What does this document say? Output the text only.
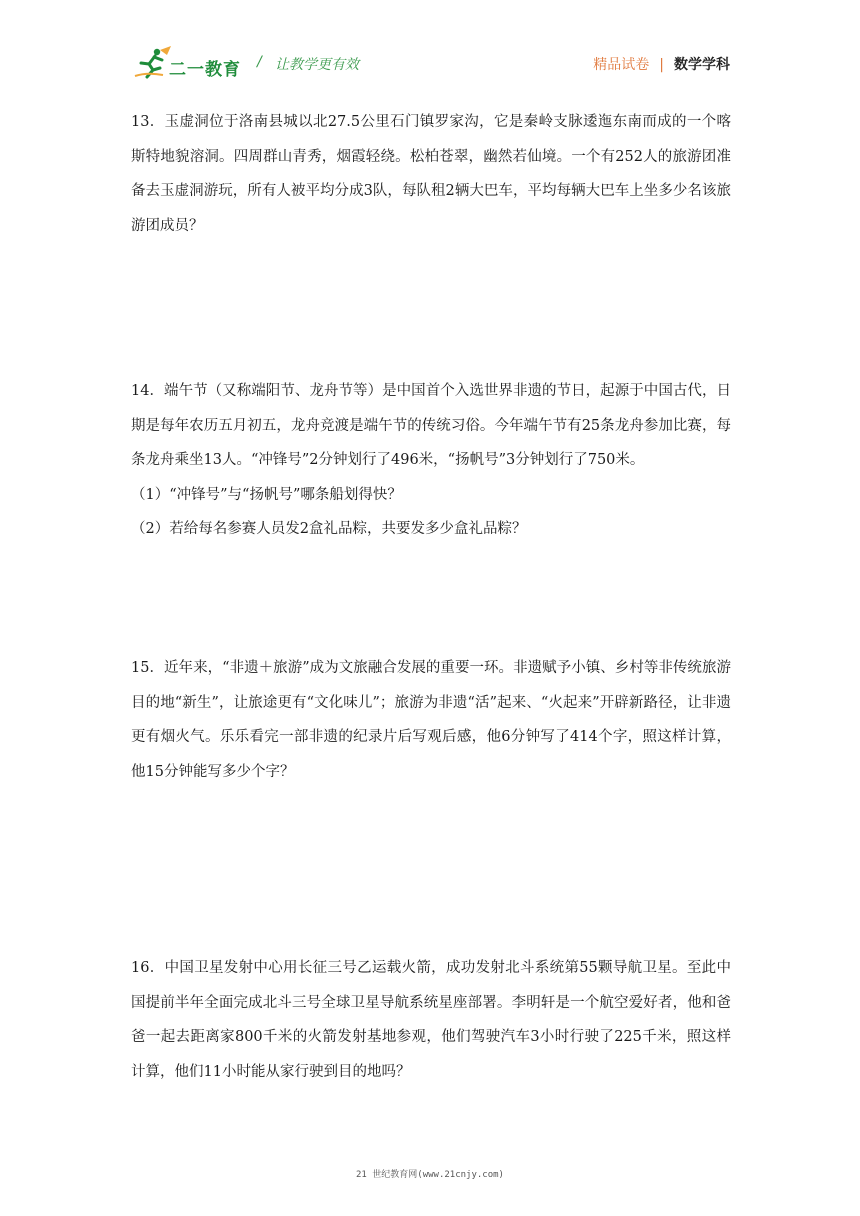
二一教育 / 让教学更有效	精品试卷 | 数学学科

13．玉虚洞位于洛南县城以北27.5公里石门镇罗家沟，它是秦岭支脉逶迤东南而成的一个喀斯特地貌溶洞。四周群山青秀，烟霞轻绕。松柏苍翠，幽然若仙境。一个有252人的旅游团准备去玉虚洞游玩，所有人被平均分成3队，每队租2辆大巴车，平均每辆大巴车上坐多少名该旅游团成员？

14．端午节（又称端阳节、龙舟节等）是中国首个入选世界非遗的节日，起源于中国古代，日期是每年农历五月初五，龙舟竞渡是端午节的传统习俗。今年端午节有25条龙舟参加比赛，每条龙舟乘坐13人。“冲锋号”2分钟划行了496米，“扬帆号”3分钟划行了750米。

（1）“冲锋号”与“扬帆号”哪条船划得快？

（2）若给每名参赛人员发2盒礼品粽，共要发多少盒礼品粽？

15．近年来，“非遗＋旅游”成为文旅融合发展的重要一环。非遗赋予小镇、乡村等非传统旅游目的地“新生”，让旅途更有“文化味儿”；旅游为非遗“活”起来、“火起来”开辟新路径，让非遗更有烟火气。乐乐看完一部非遗的纪录片后写观后感，他6分钟写了414个字，照这样计算，他15分钟能写多少个字？

16．中国卫星发射中心用长征三号乙运载火箭，成功发射北斗系统第55颗导航卫星。至此中国提前半年全面完成北斗三号全球卫星导航系统星座部署。李明轩是一个航空爱好者，他和爸爸一起去距离家800千米的火箭发射基地参观，他们驾驶汽车3小时行驶了225千米，照这样计算，他们11小时能从家行驶到目的地吗？

21 世纪教育网(www.21cnjy.com)
